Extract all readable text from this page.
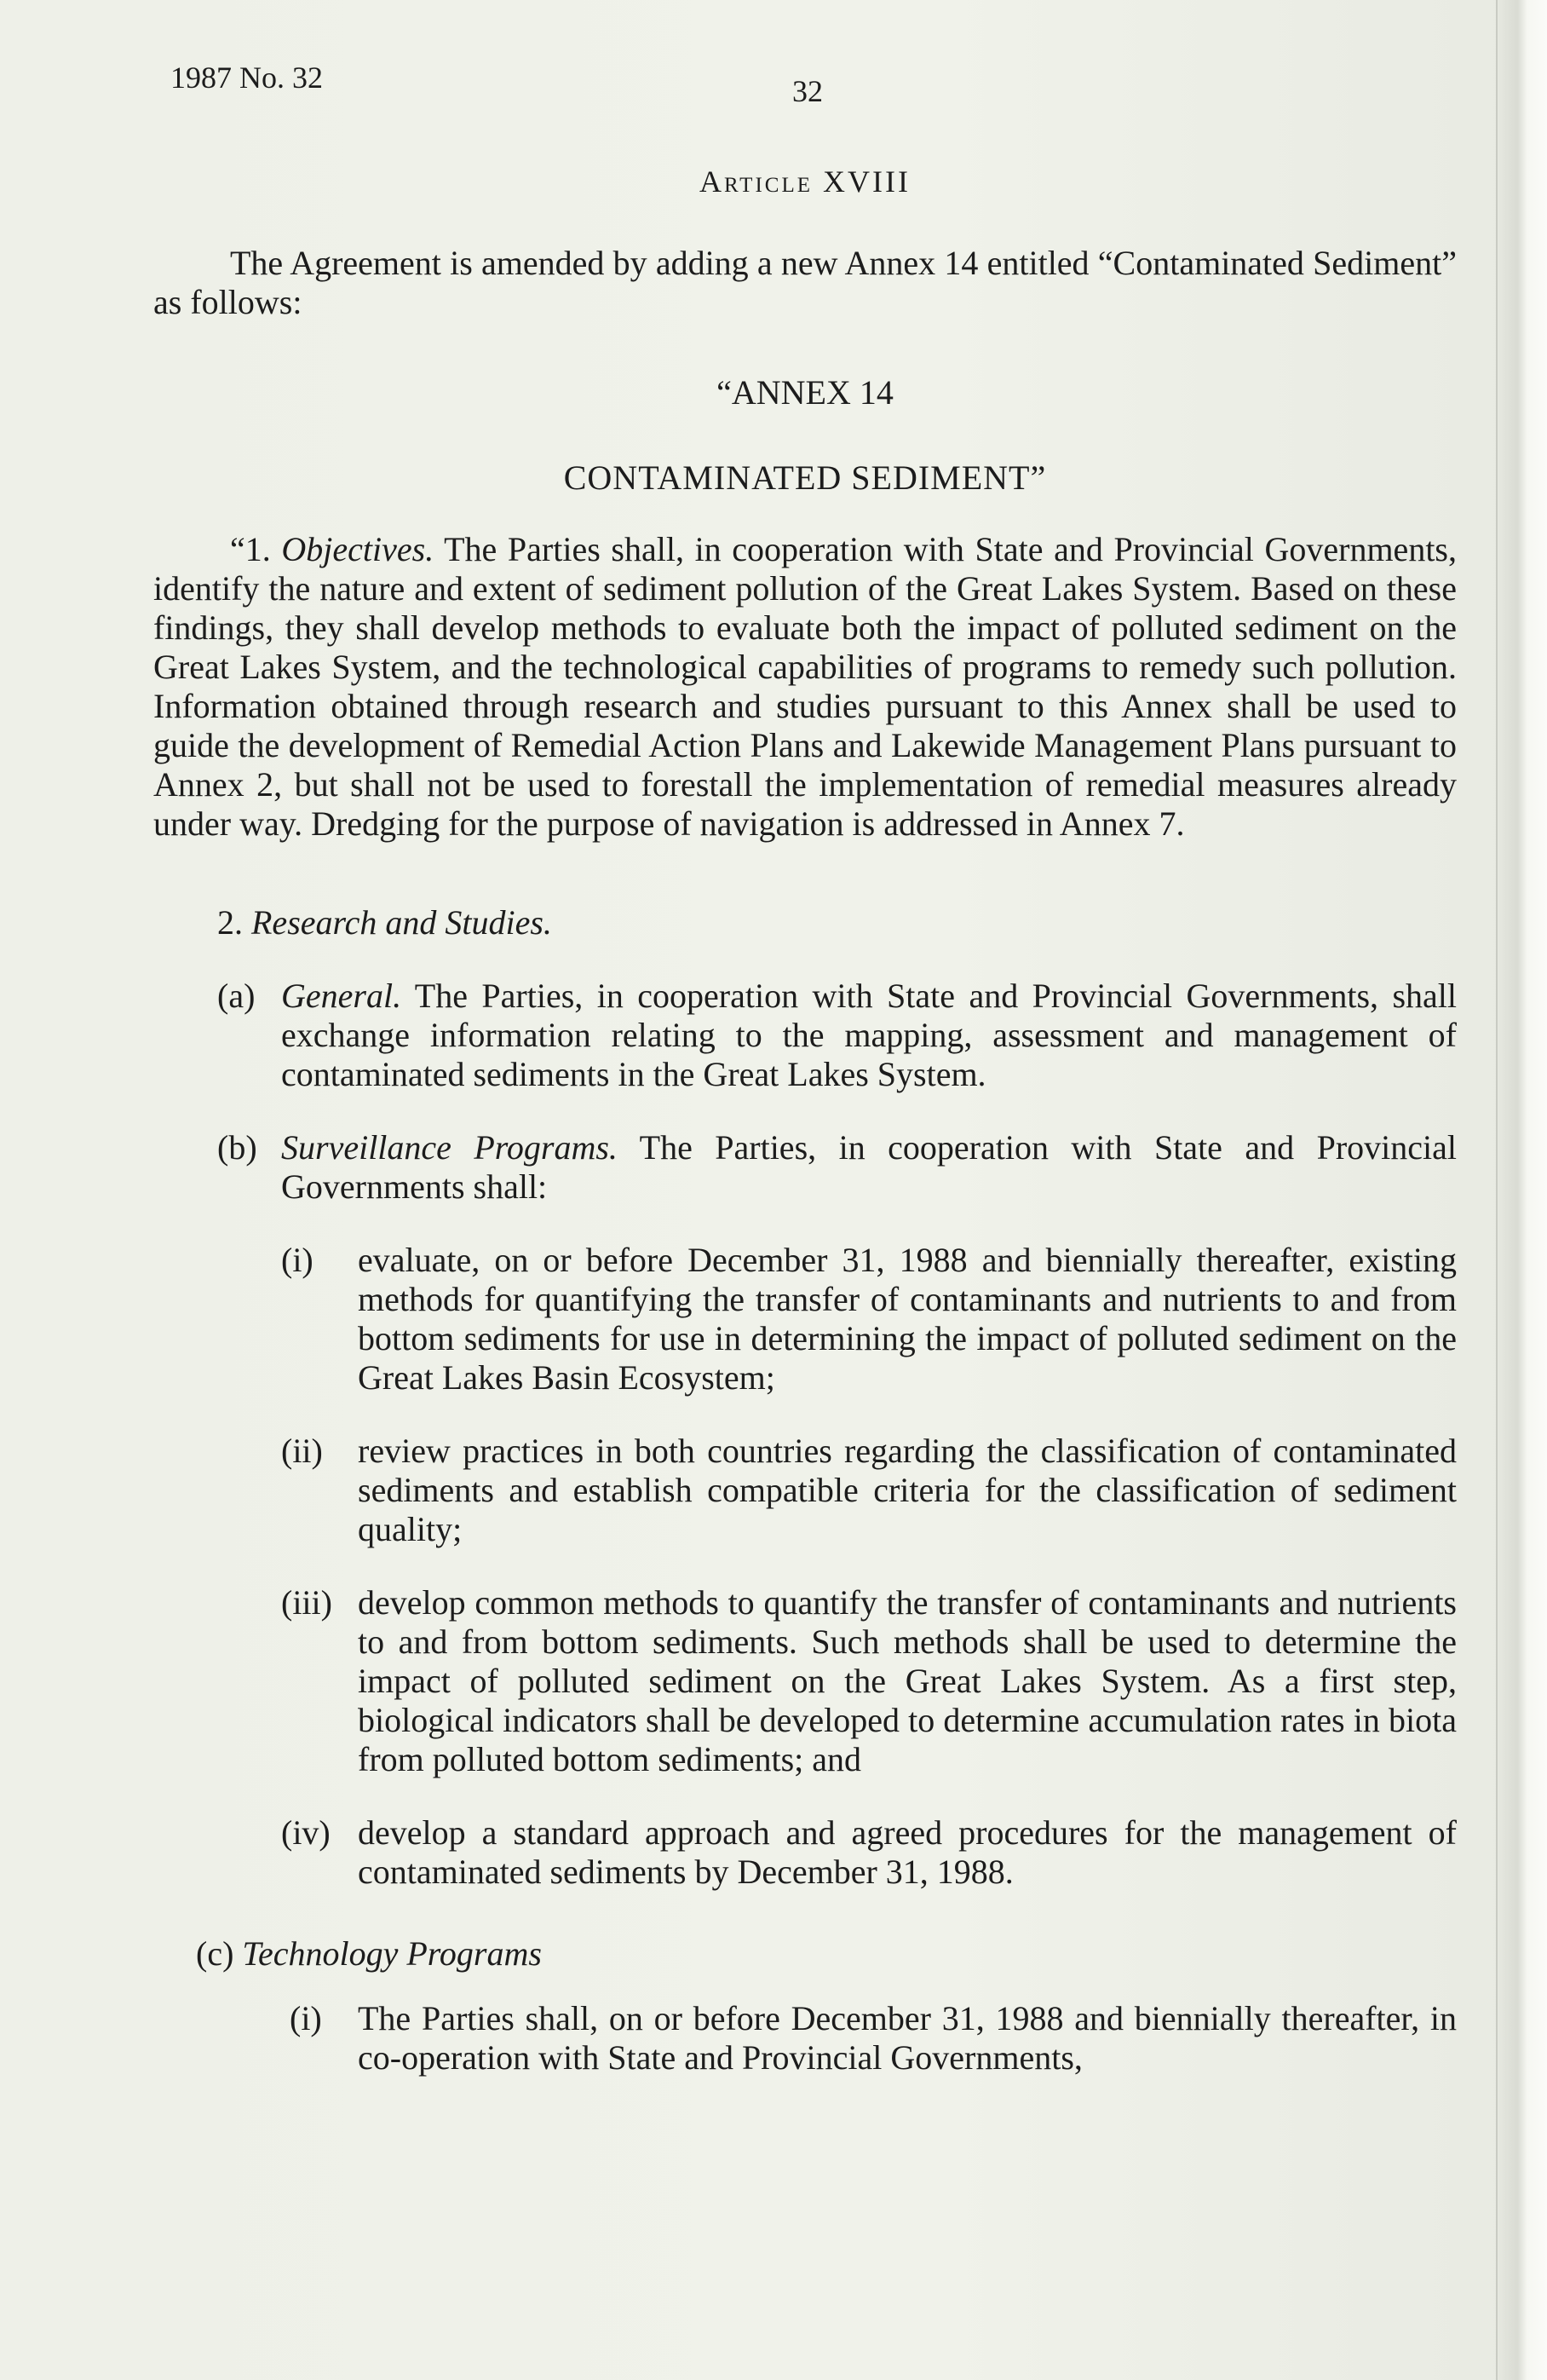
1987 No. 32	32
Article XVIII

The Agreement is amended by adding a new Annex 14 entitled “Contaminated Sediment” as follows:

“ANNEX 14

CONTAMINATED SEDIMENT”

“1. Objectives. The Parties shall, in cooperation with State and Provincial Governments, identify the nature and extent of sediment pollution of the Great Lakes System. Based on these findings, they shall develop methods to evaluate both the impact of polluted sediment on the Great Lakes System, and the technological capabilities of programs to remedy such pollution. Information obtained through research and studies pursuant to this Annex shall be used to guide the development of Remedial Action Plans and Lakewide Management Plans pursuant to Annex 2, but shall not be used to forestall the implementation of remedial measures already under way. Dredging for the purpose of navigation is addressed in Annex 7.

2. Research and Studies.

(a) General. The Parties, in cooperation with State and Provincial Governments, shall exchange information relating to the mapping, assessment and management of contaminated sediments in the Great Lakes System.

(b) Surveillance Programs. The Parties, in cooperation with State and Provincial Governments shall:

(i) evaluate, on or before December 31, 1988 and biennially thereafter, existing methods for quantifying the transfer of contaminants and nutrients to and from bottom sediments for use in determining the impact of polluted sediment on the Great Lakes Basin Ecosystem;

(ii) review practices in both countries regarding the classification of contaminated sediments and establish compatible criteria for the classification of sediment quality;

(iii) develop common methods to quantify the transfer of contaminants and nutrients to and from bottom sediments. Such methods shall be used to determine the impact of polluted sediment on the Great Lakes System. As a first step, biological indicators shall be developed to determine accumulation rates in biota from polluted bottom sediments; and

(iv) develop a standard approach and agreed procedures for the management of contaminated sediments by December 31, 1988.

(c) Technology Programs

(i) The Parties shall, on or before December 31, 1988 and biennially thereafter, in co-operation with State and Provincial Governments,
